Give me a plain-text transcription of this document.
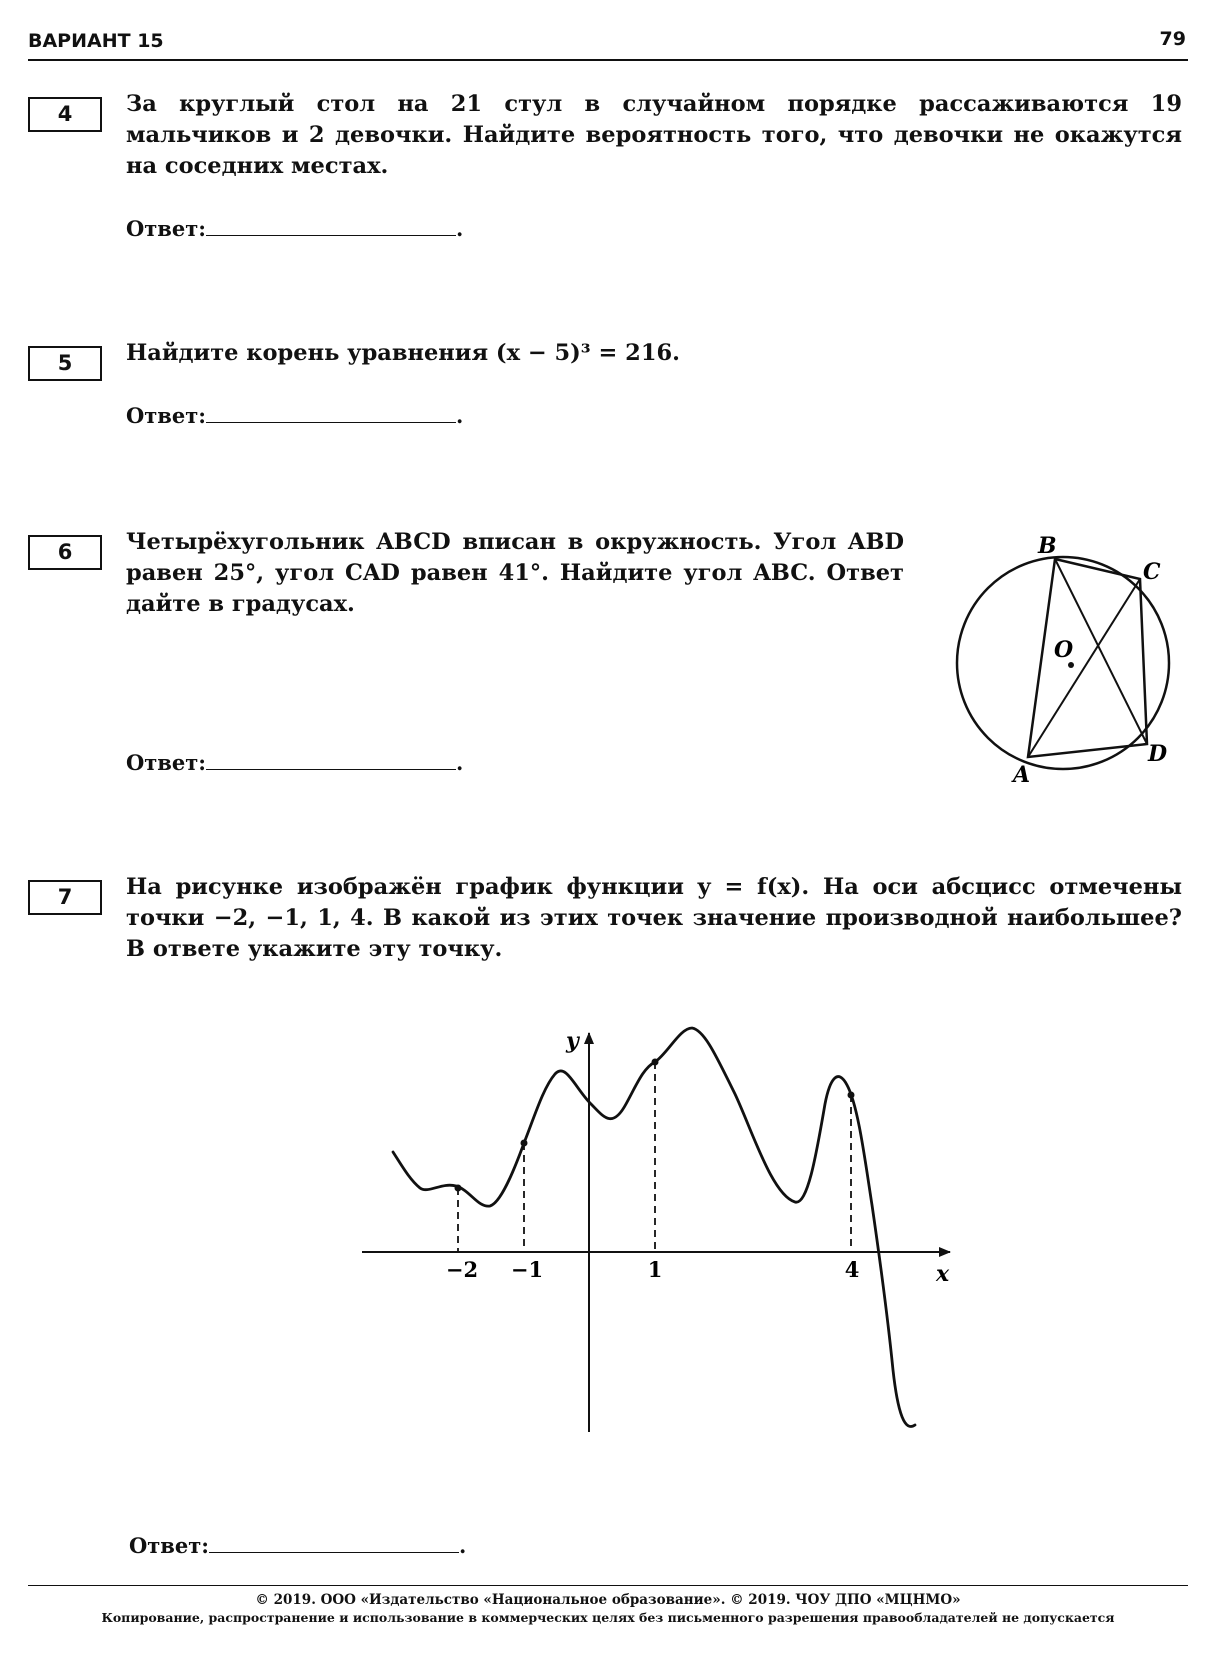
ВАРИАНТ 15	79
4	За круглый стол на 21 стул в случайном порядке рассаживаются 19 мальчиков и 2 девочки. Найдите вероятность того, что девочки не окажутся на соседних местах.
Ответ:	.
5	Найдите корень уравнения (x − 5)³ = 216.
Ответ:	.
6	Четырёхугольник ABCD вписан в окружность. Угол ABD равен 25°, угол CAD равен 41°. Найдите угол ABC. Ответ дайте в градусах.
Ответ:	.
B
C
D
A
O
7	На рисунке изображён график функции y = f(x). На оси абсцисс отмечены точки −2, −1, 1, 4. В какой из этих точек значение производной наибольшее? В ответе укажите эту точку.
x
y
−2 −1	1	4
Ответ:	.
© 2019. ООО «Издательство «Национальное образование». © 2019. ЧОУ ДПО «МЦНМО»
Копирование, распространение и использование в коммерческих целях без письменного разрешения правообладателей не допускается
